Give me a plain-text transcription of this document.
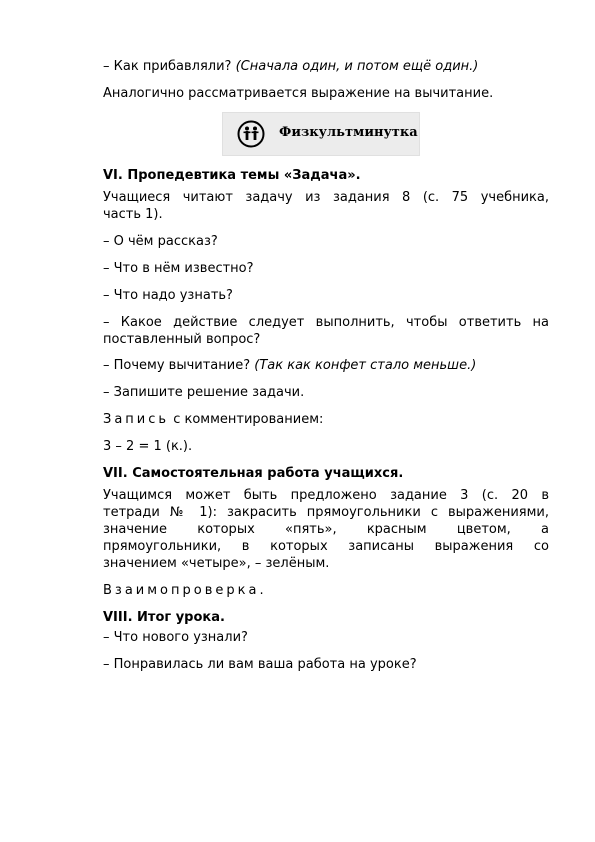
– Как прибавляли? (Сначала один, и потом ещё один.)
Аналогично рассматривается выражение на вычитание.
Физкультминутка
VI. Пропедевтика темы «Задача».
Учащиеся читают задачу из задания 8 (с. 75 учебника,
часть 1).
– О чём рассказ?
– Что в нём известно?
– Что надо узнать?
– Какое действие следует выполнить, чтобы ответить на
поставленный вопрос?
– Почему вычитание? (Так как конфет стало меньше.)
– Запишите решение задачи.
Запись с комментированием:
3 – 2 = 1 (к.).
VII. Самостоятельная работа учащихся.
Учащимся может быть предложено задание 3 (с. 20 в
тетради № 1): закрасить прямоугольники с выражениями,
значение которых «пять», красным цветом, а
прямоугольники, в которых записаны выражения со
значением «четыре», – зелёным.
Взаимопроверка.
VIII. Итог урока.
– Что нового узнали?
– Понравилась ли вам ваша работа на уроке?
